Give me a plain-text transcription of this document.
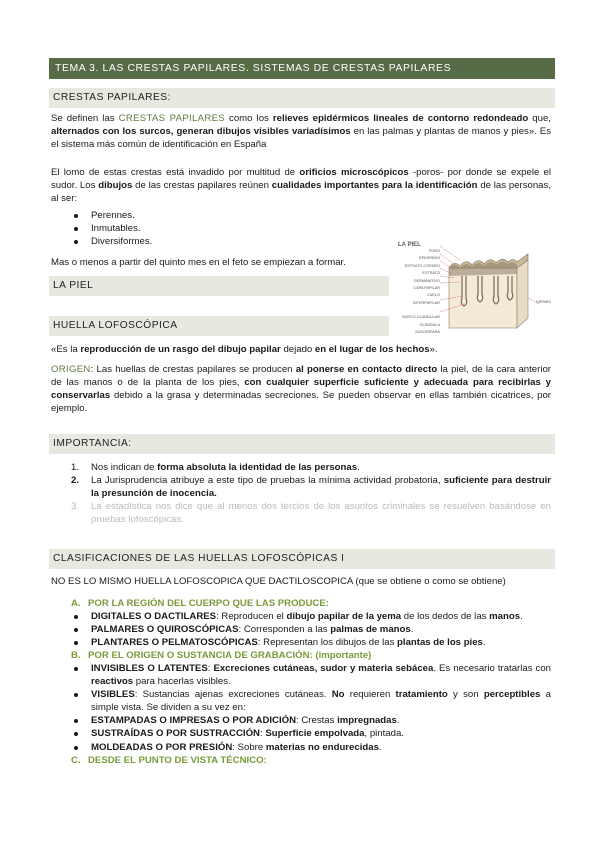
TEMA 3. LAS CRESTAS PAPILARES. SISTEMAS DE CRESTAS PAPILARES
CRESTAS PAPILARES:
Se definen las CRESTAS PAPILARES como los relieves epidérmicos lineales de contorno redondeado que, alternados con los surcos, generan dibujos visibles variadísimos en las palmas y plantas de manos y pies». Es el sistema más común de identificación en España
El lomo de estas crestas está invadido por multitud de orificios microscópicos -poros- por donde se expele el sudor. Los dibujos de las crestas papilares reúnen cualidades importantes para la identificación de las personas, al ser:
Perennes.
Inmutables.
Diversiformes.
Mas o menos a partir del quinto mes en el feto se empiezan a formar.
LA PIEL
LA PIEL
PORO
EPIDERMIS
ESTRATO CORNEO
ESTRATO GERMINATIVO
CAPA PAPILAR
CUELO INTERPAPILAR
SURCO GLANDULAR
GLÁNDULA SUDORÍPARA
DERMIS
HUELLA LOFOSCÓPICA
«Es la reproducción de un rasgo del dibujo papilar dejado en el lugar de los hechos».
ORIGEN: Las huellas de crestas papilares se producen al ponerse en contacto directo la piel, de la cara anterior de las manos o de la planta de los pies, con cualquier superficie suficiente y adecuada para recibirlas y conservarlas debido a la grasa y determinadas secreciones. Se pueden observar en ellas también cicatrices, por ejemplo.
IMPORTANCIA:
1. Nos indican de forma absoluta la identidad de las personas.
2. La Jurisprudencia atribuye a este tipo de pruebas la mínima actividad probatoria, suficiente para destruir la presunción de inocencia.
3. La estadística nos dice que al menos dos tercios de los asuntos criminales se resuelven basándose en pruebas lofoscópicas.
CLASIFICACIONES DE LAS HUELLAS LOFOSCÓPICAS I
NO ES LO MISMO HUELLA LOFOSCOPICA QUE DACTILOSCOPICA (que se obtiene o como se obtiene)
A. POR LA REGIÓN DEL CUERPO QUE LAS PRODUCE:
DIGITALES O DACTILARES: Reproducen el dibujo papilar de la yema de los dedos de las manos.
PALMARES O QUIROSCÓPICAS: Corresponden a las palmas de manos.
PLANTARES O PELMATOSCÓPICAS: Representan los dibujos de las plantas de los pies.
B. POR EL ORIGEN O SUSTANCIA DE GRABACIÓN: (importante)
INVISIBLES O LATENTES: Excreciones cutáneas, sudor y materia sebácea. Es necesario tratarlas con reactivos para hacerlas visibles.
VISIBLES: Sustancias ajenas excreciones cutáneas. No requieren tratamiento y son perceptibles a simple vista. Se dividen a su vez en:
ESTAMPADAS O IMPRESAS O POR ADICIÓN: Crestas impregnadas.
SUSTRAÍDAS O POR SUSTRACCIÓN: Superficie empolvada, pintada.
MOLDEADAS O POR PRESIÓN: Sobre materias no endurecidas.
C. DESDE EL PUNTO DE VISTA TÉCNICO:
